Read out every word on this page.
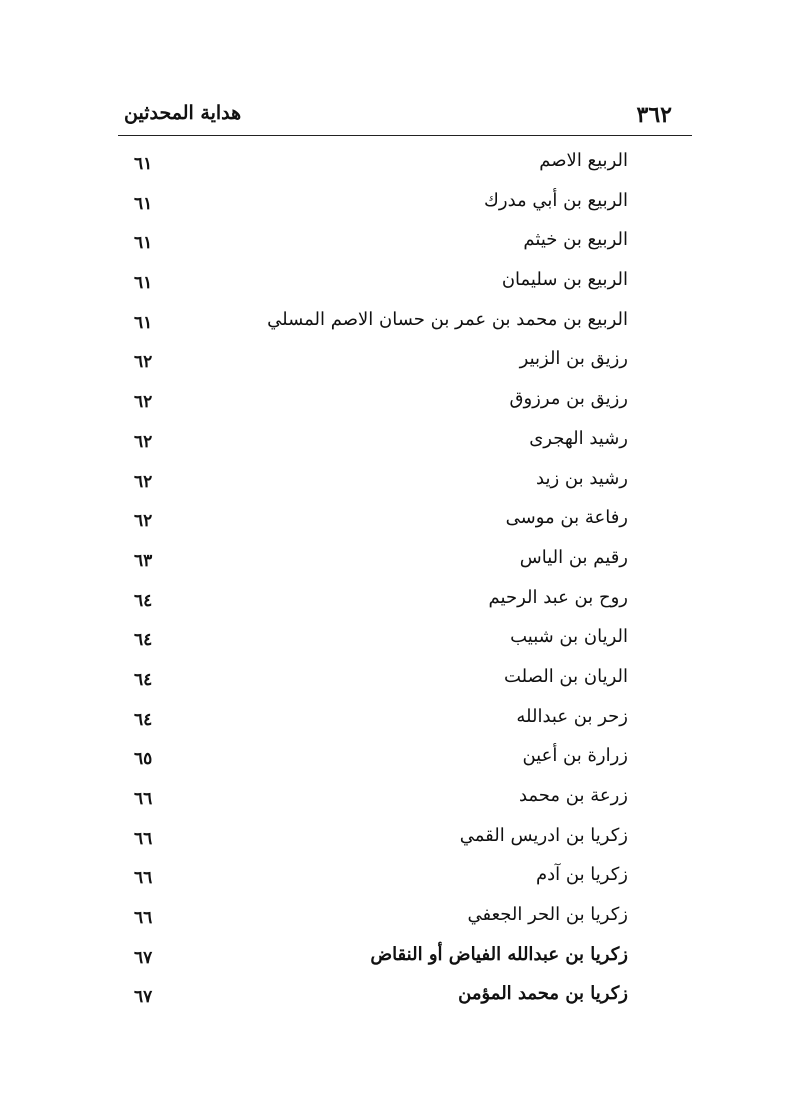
٣٦٢
هداية المحدثين
الربيع الاصم
٦١
الربيع بن أبي مدرك
٦١
الربيع بن خيثم
٦١
الربيع بن سليمان
٦١
الربيع بن محمد بن عمر بن حسان الاصم المسلي
٦١
رزيق بن الزبير
٦٢
رزيق بن مرزوق
٦٢
رشيد الهجرى
٦٢
رشيد بن زيد
٦٢
رفاعة بن موسى
٦٢
رقيم بن الياس
٦٣
روح بن عبد الرحيم
٦٤
الريان بن شبيب
٦٤
الريان بن الصلت
٦٤
زحر بن عبدالله
٦٤
زرارة بن أعين
٦٥
زرعة بن محمد
٦٦
زكريا بن ادريس القمي
٦٦
زكريا بن آدم
٦٦
زكريا بن الحر الجعفي
٦٦
زكريا بن عبدالله الفياض أو النقاض
٦٧
زكريا بن محمد المؤمن
٦٧
